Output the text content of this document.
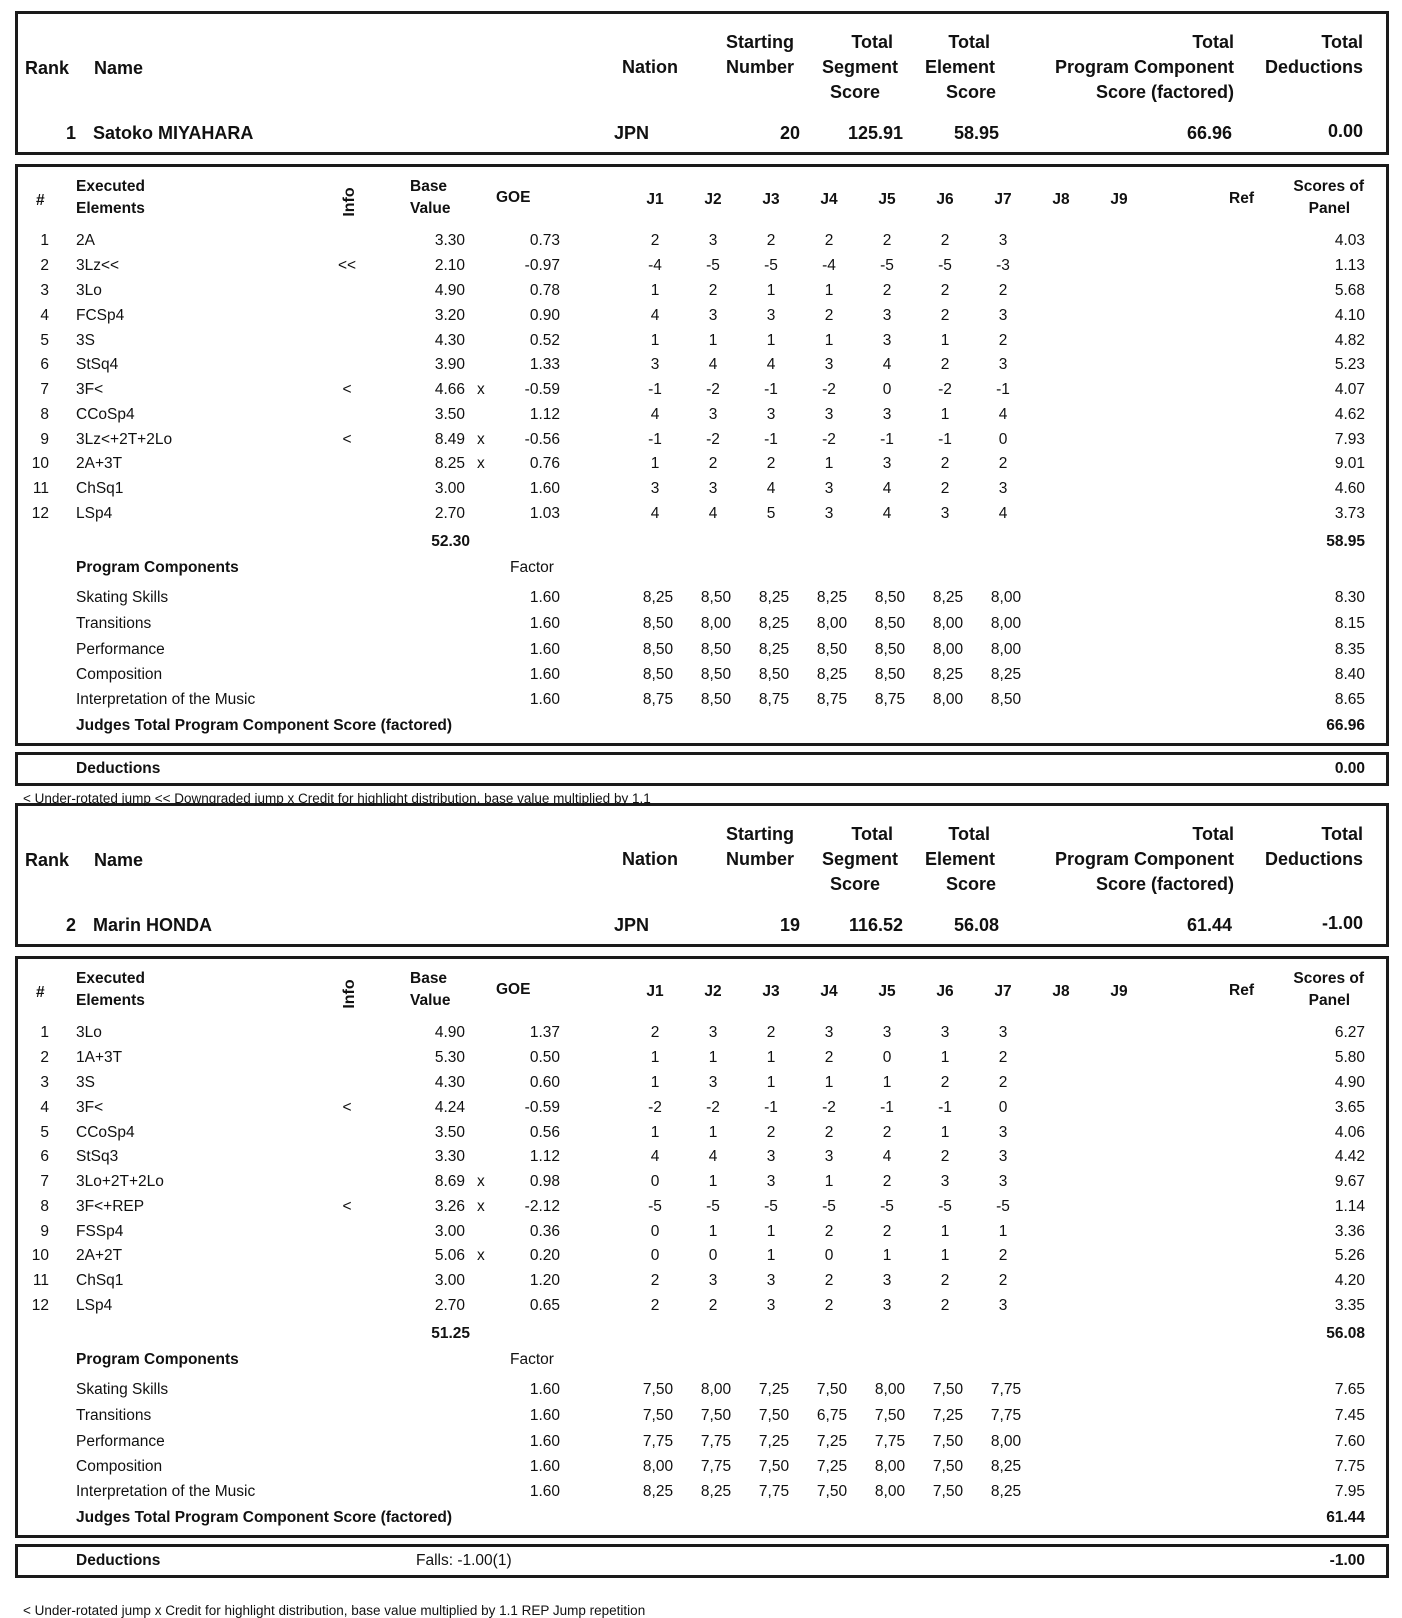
Rank Name	Nation
Starting
Number
Total
Segment
Score
Total
Element
Score
Total
Program Component
Score (factored)
Total
Deductions
1 Satoko MIYAHARA	JPN	20	125.91	58.95	66.96	0.00
#
Executed
Elements	Info
Base
Value
GOE	J1	J2	J3	J4	J5	J6	J7	J8	J9	Ref
Scores of
Panel
1 2A	3.30	0.73	2	3	2	2	2	2	3	4.03
2 3Lz<<	<<	2.10	-0.97	-4	-5	-5	-4	-5	-5	-3	1.13
3 3Lo	4.90	0.78	1	2	1	1	2	2	2	5.68
4 FCSp4	3.20	0.90	4	3	3	2	3	2	3	4.10
5 3S	4.30	0.52	1	1	1	1	3	1	2	4.82
6 StSq4	3.90	1.33	3	4	4	3	4	2	3	5.23
7 3F<	<	4.66 x	-0.59	-1	-2	-1	-2	0	-2	-1	4.07
8 CCoSp4	3.50	1.12	4	3	3	3	3	1	4	4.62
9 3Lz<+2T+2Lo	<	8.49 x	-0.56	-1	-2	-1	-2	-1	-1	0	7.93
10 2A+3T	8.25 x	0.76	1	2	2	1	3	2	2	9.01
11 ChSq1	3.00	1.60	3	3	4	3	4	2	3	4.60
12 LSp4	2.70	1.03	4	4	5	3	4	3	4	3.73
52.30	58.95
Program Components	Factor
Skating Skills	1.60	8,25	8,50	8,25	8,25	8,50	8,25	8,00	8.30
Transitions	1.60	8,50	8,00	8,25	8,00	8,50	8,00	8,00	8.15
Performance	1.60	8,50	8,50	8,25	8,50	8,50	8,00	8,00	8.35
Composition	1.60	8,50	8,50	8,50	8,25	8,50	8,25	8,25	8.40
Interpretation of the Music	1.60	8,75	8,50	8,75	8,75	8,75	8,00	8,50	8.65
Judges Total Program Component Score (factored)	66.96
Deductions	0.00
Rank Name	Nation
Starting
Number
Total
Segment
Score
Total
Element
Score
Total
Program Component
Score (factored)
Total
Deductions
2 Marin HONDA	JPN	19	116.52	56.08	61.44	-1.00
#
Executed
Elements	Info
Base
Value
GOE	J1	J2	J3	J4	J5	J6	J7	J8	J9	Ref
Scores of
Panel
1 3Lo	4.90	1.37	2	3	2	3	3	3	3	6.27
2 1A+3T	5.30	0.50	1	1	1	2	0	1	2	5.80
3 3S	4.30	0.60	1	3	1	1	1	2	2	4.90
4 3F<	<	4.24	-0.59	-2	-2	-1	-2	-1	-1	0	3.65
5 CCoSp4	3.50	0.56	1	1	2	2	2	1	3	4.06
6 StSq3	3.30	1.12	4	4	3	3	4	2	3	4.42
7 3Lo+2T+2Lo	8.69 x	0.98	0	1	3	1	2	3	3	9.67
8 3F<+REP	<	3.26 x	-2.12	-5	-5	-5	-5	-5	-5	-5	1.14
9 FSSp4	3.00	0.36	0	1	1	2	2	1	1	3.36
10 2A+2T	5.06 x	0.20	0	0	1	0	1	1	2	5.26
11 ChSq1	3.00	1.20	2	3	3	2	3	2	2	4.20
12 LSp4	2.70	0.65	2	2	3	2	3	2	3	3.35
51.25	56.08
Program Components	Factor
Skating Skills	1.60	7,50	8,00	7,25	7,50	8,00	7,50	7,75	7.65
Transitions	1.60	7,50	7,50	7,50	6,75	7,50	7,25	7,75	7.45
Performance	1.60	7,75	7,75	7,25	7,25	7,75	7,50	8,00	7.60
Composition	1.60	8,00	7,75	7,50	7,25	8,00	7,50	8,25	7.75
Interpretation of the Music	1.60	8,25	8,25	7,75	7,50	8,00	7,50	8,25	7.95
Judges Total Program Component Score (factored)	61.44
Deductions	Falls: -1.00(1)	-1.00
< Under-rotated jump << Downgraded jump x Credit for highlight distribution, base value multiplied by 1.1
< Under-rotated jump x Credit for highlight distribution, base value multiplied by 1.1 REP Jump repetition
